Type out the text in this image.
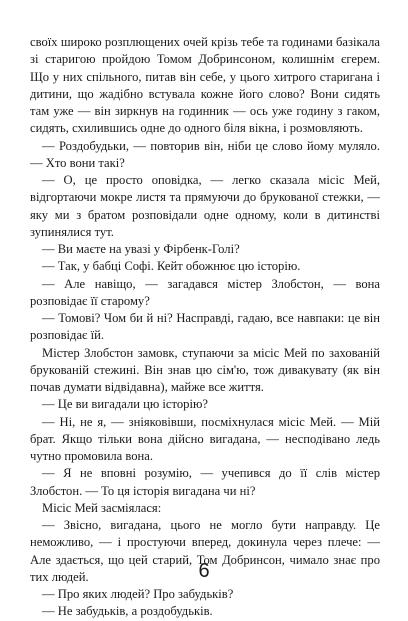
своїх широко розплющених очей крізь тебе та годинами базікала зі старигою пройдою Томом Добринсоном, колишнім єгерем. Що у них спільного, питав він себе, у цього хитрого старигана і дитини, що жадібно встувала кожне його слово? Вони сидять там уже — він зиркнув на годинник — ось уже годину з гаком, сидять, схилившись одне до одного біля вікна, і розмовляють.

— Роздобудьки, — повторив він, ніби це слово йому муляло. — Хто вони такі?

— О, це просто оповідка, — легко сказала місіс Мей, відгортаючи мокре листя та прямуючи до брукованої стежки, — яку ми з братом розповідали одне одному, коли в дитинстві зупинялися тут.

— Ви маєте на увазі у Фірбенк-Голі?

— Так, у бабці Софі. Кейт обожнює цю історію.

— Але навіщо, — загадався містер Злобстон, — вона розповідає її старому?

— Томові? Чом би й ні? Насправді, гадаю, все навпаки: це він розповідає їй.

Містер Злобстон замовк, ступаючи за місіс Мей по захованій брукованій стежині. Він знав цю сім'ю, тож дивакувату (як він почав думати відвідавна), майже все життя.

— Це ви вигадали цю історію?

— Ні, не я, — зніяковівши, посміхнулася місіс Мей. — Мій брат. Якщо тільки вона дійсно вигадана, — несподівано ледь чутно промовила вона.

— Я не вповні розумію, — учепився до її слів містер Злобстон. — То ця історія вигадана чи ні?

Місіс Мей засміялася:

— Звісно, вигадана, цього не могло бути направду. Це неможливо, — і простуючи вперед, докинула через плече: — Але здається, що цей старий, Том Добринсон, чимало знає про тих людей.

— Про яких людей? Про забудьків?

— Не забудьків, а роздобудьків.

6
